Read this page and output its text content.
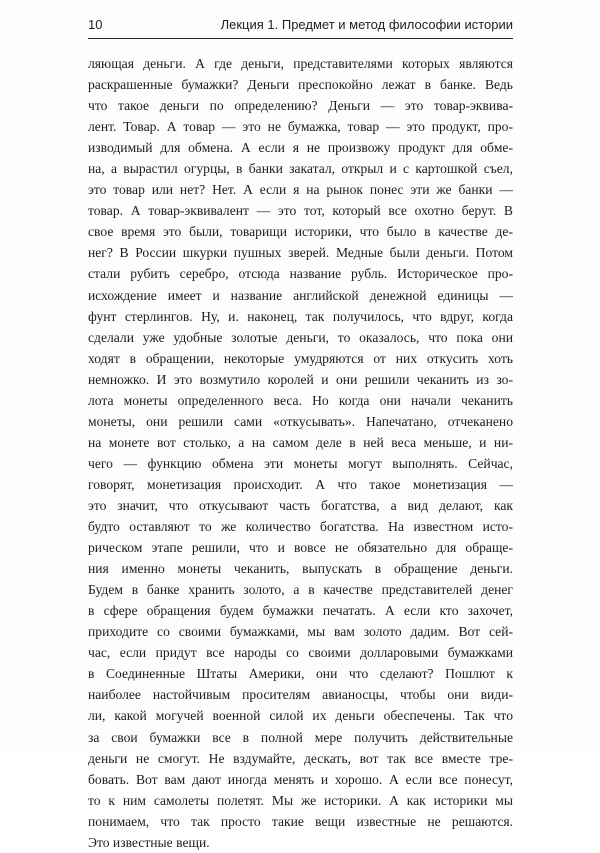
10	Лекция 1. Предмет и метод философии истории
ляющая деньги. А где деньги, представителями которых являются
раскрашенные бумажки? Деньги преспокойно лежат в банке. Ведь
что такое деньги по определению? Деньги — это товар-эквива-
лент. Товар. А товар — это не бумажка, товар — это продукт, про-
изводимый для обмена. А если я не произвожу продукт для обме-
на, а вырастил огурцы, в банки закатал, открыл и с картошкой съел,
это товар или нет? Нет. А если я на рынок понес эти же банки —
товар. А товар-эквивалент — это тот, который все охотно берут. В
свое время это были, товарищи историки, что было в качестве де-
нег? В России шкурки пушных зверей. Медные были деньги. Потом
стали рубить серебро, отсюда название рубль. Историческое про-
исхождение имеет и название английской денежной единицы —
фунт стерлингов. Ну, и. наконец, так получилось, что вдруг, когда
сделали уже удобные золотые деньги, то оказалось, что пока они
ходят в обращении, некоторые умудряются от них откусить хоть
немножко. И это возмутило королей и они решили чеканить из зо-
лота монеты определенного веса. Но когда они начали чеканить
монеты, они решили сами «откусывать». Напечатано, отчеканено
на монете вот столько, а на самом деле в ней веса меньше, и ни-
чего — функцию обмена эти монеты могут выполнять. Сейчас,
говорят, монетизация происходит. А что такое монетизация —
это значит, что откусывают часть богатства, а вид делают, как
будто оставляют то же количество богатства. На известном исто-
рическом этапе решили, что и вовсе не обязательно для обраще-
ния именно монеты чеканить, выпускать в обращение деньги.
Будем в банке хранить золото, а в качестве представителей денег
в сфере обращения будем бумажки печатать. А если кто захочет,
приходите со своими бумажками, мы вам золото дадим. Вот сей-
час, если придут все народы со своими долларовыми бумажками
в Соединенные Штаты Америки, они что сделают? Пошлют к
наиболее настойчивым просителям авианосцы, чтобы они види-
ли, какой могучей военной силой их деньги обеспечены. Так что
за свои бумажки все в полной мере получить действительные
деньги не смогут. Не вздумайте, дескать, вот так все вместе тре-
бовать. Вот вам дают иногда менять и хорошо. А если все понесут,
то к ним самолеты полетят. Мы же историки. А как историки мы
понимаем, что так просто такие вещи известные не решаются.
Это известные вещи.
